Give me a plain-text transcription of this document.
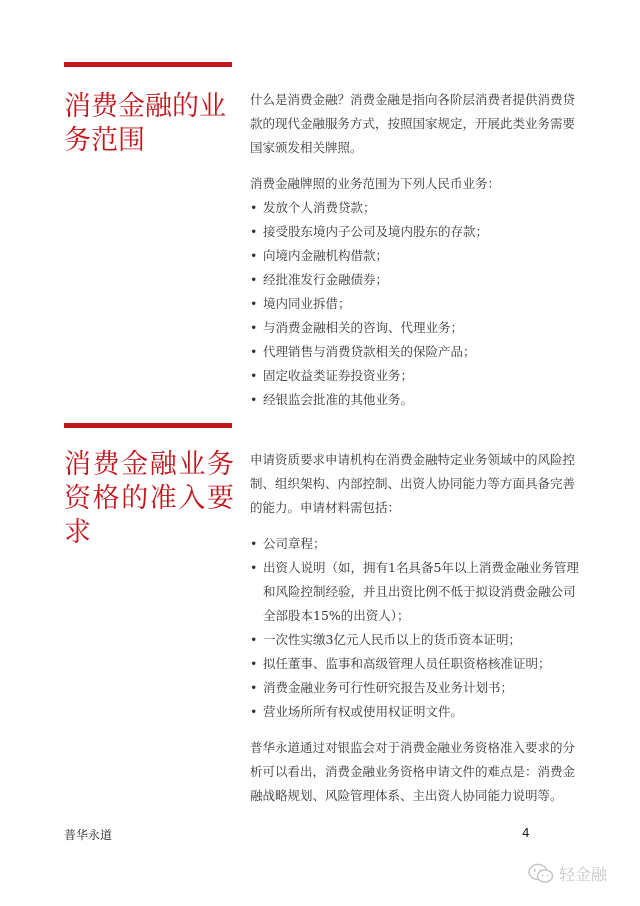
消费金融的业务范围

什么是消费金融？消费金融是指向各阶层消费者提供消费贷款的现代金融服务方式，按照国家规定，开展此类业务需要国家颁发相关牌照。

消费金融牌照的业务范围为下列人民币业务：

• 发放个人消费贷款；
• 接受股东境内子公司及境内股东的存款；
• 向境内金融机构借款；
• 经批准发行金融债券；
• 境内同业拆借；
• 与消费金融相关的咨询、代理业务；
• 代理销售与消费贷款相关的保险产品；
• 固定收益类证券投资业务；
• 经银监会批准的其他业务。
消费金融业务资格的准入要求

申请资质要求申请机构在消费金融特定业务领域中的风险控制、组织架构、内部控制、出资人协同能力等方面具备完善的能力。申请材料需包括：

• 公司章程；
• 出资人说明（如，拥有1名具备5年以上消费金融业务管理和风险控制经验，并且出资比例不低于拟设消费金融公司全部股本15%的出资人）；
• 一次性实缴3亿元人民币以上的货币资本证明；
• 拟任董事、监事和高级管理人员任职资格核准证明；
• 消费金融业务可行性研究报告及业务计划书；
• 营业场所所有权或使用权证明文件。

普华永道通过对银监会对于消费金融业务资格准入要求的分析可以看出，消费金融业务资格申请文件的难点是：消费金融战略规划、风险管理体系、主出资人协同能力说明等。

普华永道	4
轻金融
